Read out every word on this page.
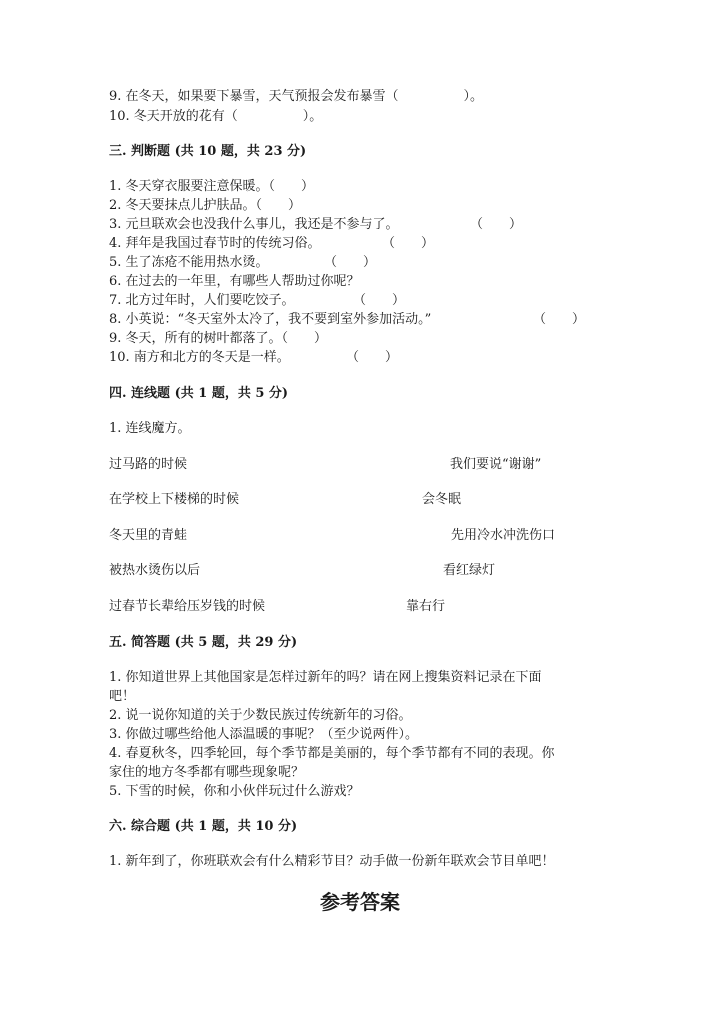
9. 在冬天，如果要下暴雪，天气预报会发布暴雪（　　　　　）。
10. 冬天开放的花有（　　　　　）。
三. 判断题 (共 10 题，共 23 分)
1. 冬天穿衣服要注意保暖。（　　）
2. 冬天要抹点儿护肤品。（　　）
3. 元旦联欢会也没我什么事儿，我还是不参与了。	（　　）
4. 拜年是我国过春节时的传统习俗。	（　　）
5. 生了冻疮不能用热水烫。	（　　）
6. 在过去的一年里，有哪些人帮助过你呢？
7. 北方过年时，人们要吃饺子。	（　　）
8. 小英说：“冬天室外太冷了，我不要到室外参加活动。”	（　　）
9. 冬天，所有的树叶都落了。（　　）
10. 南方和北方的冬天是一样。	（　　）
四. 连线题 (共 1 题，共 5 分)
1. 连线魔方。
过马路的时候	我们要说“谢谢”
在学校上下楼梯的时候	会冬眠
冬天里的青蛙	先用冷水冲洗伤口
被热水烫伤以后	看红绿灯
过春节长辈给压岁钱的时候	靠右行
五. 简答题 (共 5 题，共 29 分)
1. 你知道世界上其他国家是怎样过新年的吗？请在网上搜集资料记录在下面
吧！
2. 说一说你知道的关于少数民族过传统新年的习俗。
3. 你做过哪些给他人添温暖的事呢？（至少说两件）。
4. 春夏秋冬，四季轮回，每个季节都是美丽的，每个季节都有不同的表现。你
家住的地方冬季都有哪些现象呢？
5. 下雪的时候，你和小伙伴玩过什么游戏？
六. 综合题 (共 1 题，共 10 分)
1. 新年到了，你班联欢会有什么精彩节目？动手做一份新年联欢会节目单吧！
参考答案
